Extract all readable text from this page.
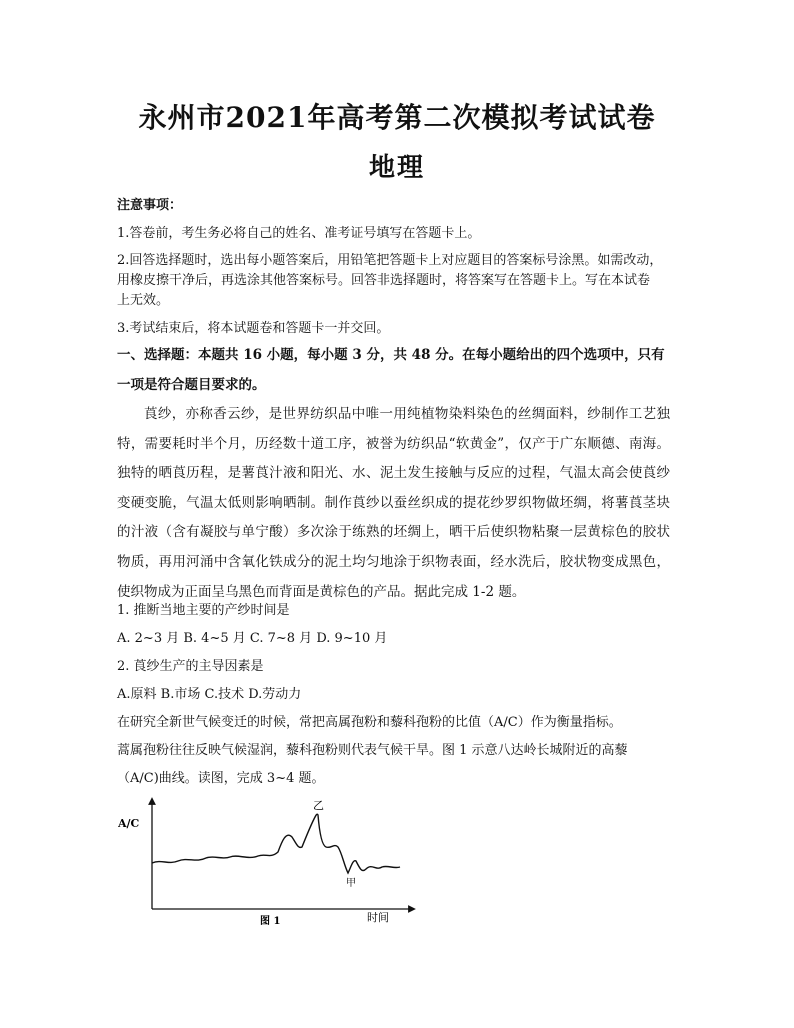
永州市2021年高考第二次模拟考试试卷
地理
注意事项：
1.答卷前，考生务必将自己的姓名、准考证号填写在答题卡上。
2.回答选择题时，选出每小题答案后，用铅笔把答题卡上对应题目的答案标号涂黑。如需改动，
用橡皮擦干净后，再选涂其他答案标号。回答非选择题时，将答案写在答题卡上。写在本试卷
上无效。
3.考试结束后，将本试题卷和答题卡一并交回。
一、选择题：本题共 16 小题，每小题 3 分，共 48 分。在每小题给出的四个选项中，只有
一项是符合题目要求的。
莨纱，亦称香云纱，是世界纺织品中唯一用纯植物染料染色的丝绸面料，纱制作工艺独特，需要耗时半个月，历经数十道工序，被誉为纺织品“软黄金”，仅产于广东顺德、南海。独特的晒莨历程，是薯莨汁液和阳光、水、泥土发生接触与反应的过程，气温太高会使莨纱变硬变脆，气温太低则影响晒制。制作莨纱以蚕丝织成的提花纱罗织物做坯绸，将薯莨茎块的汁液（含有凝胶与单宁酸）多次涂于练熟的坯绸上，晒干后使织物粘聚一层黄棕色的胶状物质，再用河涌中含氧化铁成分的泥土均匀地涂于织物表面，经水洗后，胶状物变成黑色，使织物成为正面呈乌黑色而背面是黄棕色的产品。据此完成 1-2 题。
1. 推断当地主要的产纱时间是
A. 2~3 月 B. 4~5 月 C. 7~8 月 D. 9~10 月
2. 莨纱生产的主导因素是
A.原料 B.市场 C.技术 D.劳动力
在研究全新世气候变迁的时候，常把高属孢粉和藜科孢粉的比值（A/C）作为衡量指标。
蒿属孢粉往往反映气候湿润，藜科孢粉则代表气候干旱。图 1 示意八达岭长城附近的高藜
（A/C)曲线。读图，完成 3~4 题。
A/C
乙
甲
图 1	时间
